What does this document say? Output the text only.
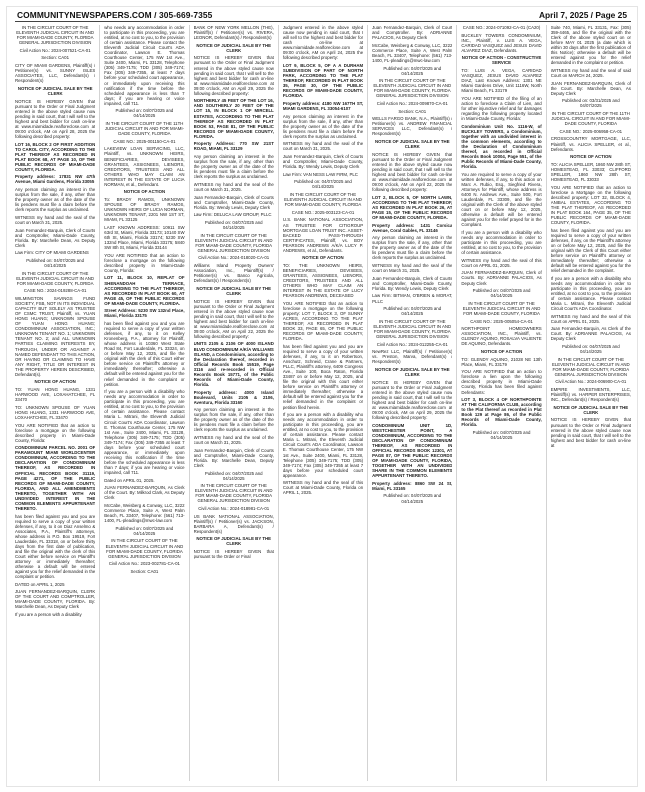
COMMUNITYNEWSPAPERS.COM / 305-669-7355	April 7, 2025 / Page 25

IN THE CIRCUIT COURT OF THE ELEVENTH JUDICIAL CIRCUIT IN AND FOR MIAMI-DADE COUNTY, FLORIDA GENERAL JURISDICTION DIVISION

Civil Action No.: 2024-007521-CA-01

Section: CA01

CITY OF MIAMI GARDENS, Plaintiff(s) / Petitioner(s) vs. SUNNY ISLES ASSOCIATES, LLC, Defendant(s) / Respondent(s)

NOTICE OF JUDICIAL SALE BY THE CLERK

NOTICE IS HEREBY GIVEN that pursuant to the Order or Final Judgment entered in the above styled cause now pending in said court, that I will sell to the highest and best bidder for cash on-line at www.miamidade.realforeclose.com at 09:00 o'clock, AM on April 28, 2025 the following described property:

LOT 16, BLOCK 2 OF FIRST ADDITION TO CAROL CITY, ACCORDING TO THE PLAT THEREOF AS RECORDED IN PLAT BOOK 68, AT PAGE 10, OF THE PUBLIC RECORDS OF MIAMI-DADE COUNTY, FLORIDA.

Property address: 17831 NW 47th Avenue, Miami Gardens, Florida 33055

Any person claiming an interest in the surplus from the sale, if any, other than the property owner as of the date of the lis pendens must file a claim before the clerk reports the surplus as unclaimed.

WITNESS my hand and the seal of the court on March 31, 2025.

Juan Fernandez-Barquin, Clerk of Courts and Comptroller, Miami-Dade County, Florida. By: Marchelle Dean, As Deputy Clerk

Law Firm: CITY OF MIAMI GARDENS

Published on: 04/07/2025 and 04/14/2025

IN THE CIRCUIT COURT OF THE ELEVENTH JUDICIAL CIRCUIT IN AND FOR MIAMI-DADE COUNTY, FLORIDA

CASE NO.: 2024-019288-CA-01

WILMINGTON SAVINGS FUND SOCIETY, FSB, NOT IN ITS INDIVIDUAL CAPACITY BUT SOLELY AS TRUSTEE OF CSMC TRUST, Plaintiff, vs. YUAN HONG HUANG; UNKNOWN SPOUSE OF YUAN HONG HUANG; CONDOMINIUM ASSOCIATION, INC.; UNKNOWN TENANT NO. 1; UNKNOWN TENANT NO. 2; and ALL UNKNOWN PARTIES CLAIMING INTERESTS BY, THROUGH, UNDER OR AGAINST A NAMED DEFENDANT TO THIS ACTION, OR HAVING OR CLAIMING TO HAVE ANY RIGHT, TITLE OR INTEREST IN THE PROPERTY HEREIN DESCRIBED, Defendant(s).

NOTICE OF ACTION

TO: YUAN HONG HUANG, 1331 HARWOOD AVE, LOXAHATCHEE, FL 33470

TO: UNKNOWN SPOUSE OF YUAN HONG HUANG, 1331 HARWOOD AVE, LOXAHATCHEE, FL 33470

YOU ARE NOTIFIED that an action to foreclose a mortgage on the following described property in Miami-Dade County, Florida:

CONDOMINIUM PARCEL NO. 2001 OF PARAMOUNT MIAMI WORLDCENTER CONDOMINIUM, ACCORDING TO THE DECLARATION OF CONDOMINIUM THEREOF, AS RECORDED IN OFFICIAL RECORDS BOOK 31119, PAGE 4271, OF THE PUBLIC RECORDS OF MIAMI-DADE COUNTY, FLORIDA, AND ALL AMENDMENTS THERETO, TOGETHER WITH AN UNDIVIDED INTEREST IN THE COMMON ELEMENTS APPURTENANT THERETO.

has been filed against you and you are required to serve a copy of your written defenses, if any, to it on Diaz Anselmo & Associates, P.A., Plaintiff's attorneys, whose address is P.O. Box 19519, Fort Lauderdale, FL 33318, on or before thirty days from the first date of publication, and file the original with the clerk of this Court either before service on Plaintiff's attorney or immediately thereafter; otherwise a default will be entered against you for the relief demanded in the complaint or petition.

DATED on APRIL 1, 2025

JUAN FERNANDEZ-BARQUIN, CLERK OF THE COURT AND COMPTROLLER, MIAMI-DADE COUNTY, FLORIDA. By: Marchelle Dean, As Deputy Clerk

If you are a person with a disability

who needs any accommodation in order to participate in this proceeding, you are entitled, at no cost to you, to the provision of certain assistance. Please contact the Eleventh Judicial Circuit Court's ADA Coordinator, Lawson E. Thomas Courthouse Center, 175 NW 1st Ave., Suite 2400, Miami, FL 33128, Telephone (305) 349-7175; TDD (305) 349-7174; Fax (305) 349-7355, at least 7 days before your scheduled court appearance, or immediately upon receiving this notification if the time before the scheduled appearance is less than 7 days; if you are hearing or voice impaired, call 711.

Published on: 04/07/2025 and 04/14/2025

IN THE CIRCUIT COURT OF THE 11TH JUDICIAL CIRCUIT IN AND FOR MIAMI-DADE COUNTY, FLORIDA

CASE NO.: 2025-001150-CA-01

LAKEVIEW LOAN SERVICING, LLC, Plaintiff, vs. UNKNOWN HEIRS, BENEFICIARIES, DEVISEES, GRANTEES, ASSIGNEES, LIENORS, CREDITORS, TRUSTEES AND ALL OTHERS WHO MAY CLAIM AN INTEREST IN THE ESTATE OF LUCIA NORMAN, et al., Defendant.

NOTICE OF ACTION

To: BRADY RAMOS, UNKNOWN SPOUSE OF BRADY RAMOS, UNKNOWN HEIRS OF LUCIA NORMAN, UNKNOWN TENANT, 2201 NW 1ST ST, MIAMI, FL 33125

LAST KNOWN ADDRESS: 10911 SW 63rd St, Miami, Florida 33173; 10140 SW 6th St, Miami, Florida 33174; 5230 SW 132nd Place, Miami, Florida 33175; 5840 SW 8th St, Miami, Florida 33144

YOU ARE NOTIFIED that an action to foreclose a mortgage on the following described property in Miami-Dade County, Florida:

LOT 11, BLOCK 10, REPLAT OF SHENANDOAH TERRACE, ACCORDING TO THE PLAT THEREOF, AS RECORDED IN PLAT BOOK 60, AT PAGE 45, OF THE PUBLIC RECORDS OF MIAMI-DADE COUNTY, FLORIDA.

Street Address: 5230 SW 132nd Place, Miami, Florida 33175

has been filed against you and you are required to serve a copy of your written defenses, if any, to it on Kelley Kronenberg, P.A., attorney for Plaintiff, whose address is 10360 West State Road 84, Fort Lauderdale, FL 33324, on or before May 12, 2025, and file the original with the clerk of this Court either before service on Plaintiff's attorney or immediately thereafter; otherwise a default will be entered against you for the relief demanded in the complaint or petition.

If you are a person with a disability who needs any accommodation in order to participate in this proceeding, you are entitled, at no cost to you, to the provision of certain assistance. Please contact Maria L. Mitrani, the Eleventh Judicial Circuit Court's ADA Coordinator, Lawson E. Thomas Courthouse Center, 175 NW 1st Ave., Suite 2400, Miami, FL 33128, Telephone (305) 349-7175; TDD (305) 349-7174; Fax (305) 349-7355 at least 7 days before your scheduled court appearance, or immediately upon receiving this notification if the time before the scheduled appearance is less than 7 days; if you are hearing or voice impaired, call 711.

Dated on APRIL 01, 2025.

JUAN FERNANDEZ-BARQUIN, As Clerk of the Court. By: Milkrod Clark, As Deputy Clerk

McCabe, Weisberg & Conway, LLC, 3222 Commerce Place, Suite A, West Palm Beach, FL 33407, Telephone: (561) 713-1400, FL-pleadings@mwc-law.com

Published on: 04/07/2025 and 04/14/2025

IN THE CIRCUIT COURT OF THE ELEVENTH JUDICIAL CIRCUIT IN AND FOR MIAMI-DADE COUNTY, FLORIDA GENERAL JURISDICTION DIVISION

Civil Action No.: 2023-002781-CA-01

Section: CA01

BANK OF NEW YORK MELLON (THE), Plaintiff(s) / Petitioner(s) vs. RIVERA, LEONOR, Defendant(s) / Respondent(s)

NOTICE OF JUDICIAL SALE BY THE CLERK

NOTICE IS HEREBY GIVEN that pursuant to the Order or Final Judgment entered in the above styled cause now pending in said court, that I will sell to the highest and best bidder for cash on-line at www.miamidade.realforeclose.com at 09:00 o'clock, AM on April 29, 2025 the following described property:

NORTHERLY 45 FEET OF THE LOT 16, AND SOUTHERLY 20 FEET OF THE LOT 15, IN BLOCK 1 OF MIRCELL ESTATES, ACCORDING TO THE PLAT THEREOF AS RECORDED IN PLAT BOOK 53, PAGE 81, OF THE PUBLIC RECORDS OF MIAMI-DADE COUNTY, FLORIDA.

Property Address: 770 SW 21ST ROAD, MIAMI, FL 33129

Any person claiming an interest in the surplus from the sale, if any, other than the property owner as of the date of the lis pendens must file a claim before the clerk reports the surplus as unclaimed.

WITNESS my hand and the seal of the court on March 31, 2025.

Juan Fernandez-Barquin, Clerk of Courts and Comptroller, Miami-Dade County, Florida. By: Wendy Lewis, Deputy Clerk

Law Firm: DELUCA LAW GROUP, PLLC

Published on: 04/07/2025 and 04/14/2025

IN THE CIRCUIT COURT OF THE ELEVENTH JUDICIAL CIRCUIT IN AND FOR MIAMI-DADE COUNTY, FLORIDA GENERAL JURISDICTION DIVISION

Civil Action No.: 2024-018020-CA-01

Williams Island Property Owners' Association, Inc., Plaintiff(s) / Petitioner(s) vs. Banco Agricola, Defendant(s) / Respondent(s)

NOTICE OF JUDICIAL SALE BY THE CLERK

NOTICE IS HEREBY GIVEN that pursuant to the Order or Final Judgment entered in the above styled cause now pending in said court, that I will sell to the highest and best bidder for cash on-line at www.miamidade.realforeclose.com at 09:00 o'clock, AM on April 22, 2025 the following described property:

UNITS 2105 & 2106 OF 4000 ISLAND BLVD CONDOMINIUM A/K/A WILLIAMS ISLAND, a Condominium, according to the Declaration thereof, recorded in Official Records Book 15519, Page 3116 and re-recorded in Official Records Book 15771, of the Public Records of Miami-Dade County, Florida.

Property address: 4000 Island Boulevard, Units 2105 & 2106, Aventura, Florida 33160

Any person claiming an interest in the surplus from the sale, if any, other than the property owner as of the date of the lis pendens must file a claim before the clerk reports the surplus as unclaimed.

WITNESS my hand and the seal of the court on March 31, 2025.

Juan Fernandez-Barquin, Clerk of Courts and Comptroller, Miami-Dade County, Florida. By: Marchelle Dean, Deputy Clerk

Published on: 04/07/2025 and 04/14/2025

IN THE CIRCUIT COURT OF THE ELEVENTH JUDICIAL CIRCUIT IN AND FOR MIAMI-DADE COUNTY, FLORIDA GENERAL JURISDICTION DIVISION

Civil Action No.: 2024-018981-CA-01

US BANK NATIONAL ASSOCIATION, Plaintiff(s) / Petitioner(s) vs. JACKSON, BARBARA A, Defendant(s) / Respondent(s)

NOTICE OF JUDICIAL SALE BY THE CLERK

NOTICE IS HEREBY GIVEN that pursuant to the Order or Final

Judgment entered in the above styled cause now pending in said court, that I will sell to the highest and best bidder for cash on-line at www.miamidade.realforeclose.com at 09:00 o'clock, AM on April 24, 2025 the following described property:

LOT 9, BLOCK 5, OF A A DURHAM SUBDIVISION OF PART OF NORTH PARK, ACCORDING TO THE PLAT THEREOF, RECORDED IN PLAT BOOK 35, PAGE 30, OF THE PUBLIC RECORDS OF MIAMI-DADE COUNTY, FLORIDA.

Property address: 4180 NW 167TH ST, MIAMI GARDENS, FL 33054-6107

Any person claiming an interest in the surplus from the sale, if any, other than the property owner as of the date of the lis pendens must file a claim before the clerk reports the surplus as unclaimed.

WITNESS my hand and the seal of the court on March 31, 2025.

Juan Fernandez-Barquin, Clerk of Courts and Comptroller, Miami-Dade County, Florida. By: Wendy Lewis, Deputy Clerk

Law Firm: VAN NESS LAW FIRM, PLC

Published on: 04/07/2025 and 04/14/2025

IN THE CIRCUIT COURT OF THE ELEVENTH JUDICIAL CIRCUIT IN AND FOR MIAMI-DADE COUNTY, FLORIDA

CASE NO.: 2025-003123-CA-01

U.S. BANK NATIONAL ASSOCIATION, AS TRUSTEE FOR CITIGROUP MORTGAGE LOAN TRUST INC. ASSET-BACKED PASS-THROUGH CERTIFICATES, Plaintiff, vs. BOY PEARSON ANDREWS A/K/A LUCY P. ANDREWS, et al., Defendants.

NOTICE OF ACTION

TO: THE UNKNOWN HEIRS, BENEFICIARIES, DEVISEES, GRANTEES, ASSIGNEES, LIENORS, CREDITORS, TRUSTEES AND ALL OTHERS WHO MAY CLAIM AN INTEREST IN THE ESTATE OF LUCY PEARSON ANDREWS, DECEASED

YOU ARE NOTIFIED that an action to foreclose a mortgage on the following property: LOT 7, BLOCK 3, OF SUNNY ACRES, ACCORDING TO THE PLAT THEREOF, AS RECORDED IN PLAT BOOK 33, PAGE 65, OF THE PUBLIC RECORDS OF MIAMI-DADE COUNTY, FLORIDA.

has been filed against you and you are required to serve a copy of your written defenses, if any, to it on Robertson, Anschutz, Schneid, Crane & Partners, PLLC, Plaintiff's attorney, 6409 Congress Ave., Suite 100, Boca Raton, Florida 33487 on or before May 12, 2025, and file the original with this court either before service on Plaintiff's attorney or immediately thereafter; otherwise a default will be entered against you for the relief demanded in the complaint or petition filed herein.

If you are a person with a disability who needs any accommodation in order to participate in this proceeding, you are entitled, at no cost to you, to the provision of certain assistance. Please contact Maria L. Mitrani, the Eleventh Judicial Circuit Court's ADA Coordinator, Lawson E. Thomas Courthouse Center, 175 NW 1st Ave., Suite 2400, Miami, FL 33128, Telephone (305) 349-7175; TDD (305) 349-7174; Fax (305) 349-7355 at least 7 days before your scheduled court appearance.

WITNESS my hand and the seal of this Court at Miami-Dade County, Florida on APRIL 1, 2025.

Juan Fernandez-Barquin, Clerk of Court and Comptroller. By: ADRIANNE PALACIOS, As Deputy Clerk

McCabe, Weisberg & Conway, LLC, 3222 Commerce Place, Suite A, West Palm Beach, FL 33407, Telephone: (561) 713-1400, FL-pleadings@mwc-law.com

Published on: 04/07/2025 and 04/14/2025

IN THE CIRCUIT COURT OF THE ELEVENTH JUDICIAL CIRCUIT IN AND FOR MIAMI-DADE COUNTY, FLORIDA GENERAL JURISDICTION DIVISION

Civil Action No.: 2024-009870-CA-01

Section: CA01

WELLS FARGO BANK, N.A., Plaintiff(s) / Petitioner(s) vs. ANDREW FINANCIAL SERVICES LLC, Defendant(s) / Respondent(s)

NOTICE OF JUDICIAL SALE BY THE CLERK

NOTICE IS HEREBY GIVEN that pursuant to the Order or Final Judgment entered in the above styled cause now pending in said court, that I will sell to the highest and best bidder for cash on-line at www.miamidade.realforeclose.com at 09:00 o'clock, AM on April 22, 2025 the following described property:

LOT 2, BLOCK 5, OF NORTH LAWN, ACCORDING TO THE PLAT THEREOF, AS RECORDED IN PLAT BOOK 26, AT PAGE 15, OF THE PUBLIC RECORDS OF MIAMI-DADE COUNTY, FLORIDA.

Property address: 1431 Corsica Avenue, Coral Gables, FL 33146

Any person claiming an interest in the surplus from the sale, if any, other than the property owner as of the date of the lis pendens must file a claim before the clerk reports the surplus as unclaimed.

WITNESS my hand and the seal of the court on March 31, 2025.

Juan Fernandez-Barquin, Clerk of Courts and Comptroller, Miami-Dade County, Florida. By: Wendy Lewis, Deputy Clerk

Law Firm: BITMAN, O'BRIEN & MORAT, PLLC

Published on: 04/07/2025 and 04/14/2025

IN THE CIRCUIT COURT OF THE ELEVENTH JUDICIAL CIRCUIT IN AND FOR MIAMI-DADE COUNTY, FLORIDA GENERAL JURISDICTION DIVISION

Civil Action No.: 2024-012255-CA-01

NewRez LLC, Plaintiff(s) / Petitioner(s) vs. Preston, Marva, Defendant(s) / Respondent(s)

NOTICE OF JUDICIAL SALE BY THE CLERK

NOTICE IS HEREBY GIVEN that pursuant to the Order or Final Judgment entered in the above styled cause now pending in said court, that I will sell to the highest and best bidder for cash on-line at www.miamidade.realforeclose.com at 09:00 o'clock, AM on April 29, 2025 the following described property:

CONDOMINIUM UNIT 1D, WESTCHESTER POINT, A CONDOMINIUM, ACCORDING TO THE DECLARATION OF CONDOMINIUM THEREOF, AS RECORDED IN OFFICIAL RECORDS BOOK 12301, AT PAGE 87, OF THE PUBLIC RECORDS OF MIAMI-DADE COUNTY, FLORIDA, TOGETHER WITH AN UNDIVIDED SHARE IN THE COMMON ELEMENTS APPURTENANT THERETO.

Property address: 8860 SW 24 St, Miami, FL 33165

Published on: 04/07/2025 and 04/14/2025

CASE NO.: 2024-071092-CA-01 (CA20)

BUCKLEY TOWERS CONDOMINIUM, INC., Plaintiff, v. LUIS A. VEGA, CARIDAD VASQUEZ and JESUS DAVID ALVAREZ DIAZ, Defendants.

NOTICE OF ACTION - CONSTRUCTIVE SERVICE

TO: LUIS A. VEGA, CARIDAD VASQUEZ, JESUS DAVID ALVAREZ DIAZ, Last Known Address: 1301 NE Miami Gardens Drive, Unit 1116W, North Miami Beach, FL 33179

YOU ARE NOTIFIED of the filing of an action to foreclose a Claim of Lien, and for other injunctive relief and for damages regarding the following property located in Miami-Dade County, Florida:

Condominium Unit No. 1116-W, of BUCKLEY TOWERS, a Condominium, together with an undivided interest in the common elements, according to the Declaration of Condominium thereof, as recorded in Official Records Book 10004, Page 551, of the Public Records of Miami-Dade County, Florida.

You are required to serve a copy of your written defenses, if any, to this action on Marc A. Rubio, Esq., Siegfried Rivera, Attorneys for Plaintiff, whose address is 6400 N. Andrews Ave., Suite 500, Fort Lauderdale, FL 33309, and file the original with the Clerk of the above styled court on or before May 12, 2025, otherwise a default will be entered against you for the relief prayed for in the Complaint.

If you are a person with a disability who needs any accommodation in order to participate in this proceeding, you are entitled, at no cost to you, to the provision of certain assistance.

WITNESS my hand and the seal of this Court on APRIL 01, 2025.

JUAN FERNANDEZ-BARQUIN, Clerk of Courts. By: ADRIANNE PALACIOS, As Deputy Clerk

Published on: 04/07/2025 and 04/14/2025

IN THE CIRCUIT COURT OF THE ELEVENTH JUDICIAL CIRCUIT IN AND FOR MIAMI-DADE COUNTY, FLORIDA

CASE NO.: 2025-005054-CA-01

NORTHPOINT HOMEOWNERS ASSOCIATION, INC., Plaintiff, vs. GLENDY AQUINO, ROSALVA VALIENTE DE AQUINO, Defendants.

NOTICE OF ACTION

TO: GLENDY AQUINO, 21028 NE 13th Place, Miami, FL 33179

YOU ARE NOTIFIED that an action to foreclose a lien upon the following described property in Miami-Dade County, Florida has been filed against Defendants:

LOT 3, BLOCK 4 OF NORTHPOINTE AT THE CALIFORNIA CLUB, according to the Plat thereof as recorded in Plat Book 129 at Page 86, of the Public Records of Miami-Dade County, Florida.

Published on: 04/07/2025 and 04/14/2025

Suite 740, Miami, FL 33131, Fax: (305) 359-4465, and file the original with the Clerk of the above styled court on or before MAY 01 2025 (a date which is within 30 days after the first publication of this Notice); otherwise a default will be entered against you for the relief demanded in the complaint or petition.

WITNESS my hand and the seal of said Court on MARCH 24, 2025.

JUAN FERNANDEZ-BARQUIN, Clerk of the Court. By: Marchelle Dean, As Deputy Clerk

Published on: 03/31/2025 and 04/07/2025

IN THE CIRCUIT COURT OF THE 11TH JUDICIAL CIRCUIT IN AND FOR MIAMI-DADE COUNTY, FLORIDA

CASE NO.: 2025-006958-CA-01

CROSSCOUNTRY MORTGAGE, LLC, Plaintiff, vs. ALICIA SPELLER, et al., Defendants.

NOTICE OF ACTION

TO: ALICIA SPELLER, 1860 NW 28th ST, HOMESTEAD, FL 33033; CLIFFORD SPELLER, 1860 NW 28th ST, HOMESTEAD, FL 33033

YOU ARE NOTIFIED that an action to foreclose a Mortgage on the following described property: LOT 32, BLOCK 4, ANIBAL ESTATES, ACCORDING TO THE PLAT THEREOF, AS RECORDED IN PLAT BOOK 164, PAGE 35, OF THE PUBLIC RECORDS OF MIAMI-DADE COUNTY, FLORIDA.

has been filed against you and you are required to serve a copy of your written defenses, if any, on the Plaintiff's attorney on or before May 12, 2025, and file the original with the Clerk of this Court either before service on Plaintiff's attorney or immediately thereafter; otherwise a default will be entered against you for the relief demanded in the complaint.

If you are a person with a disability who needs any accommodation in order to participate in this proceeding, you are entitled, at no cost to you, to the provision of certain assistance. Please contact Maria L. Mitrani, the Eleventh Judicial Circuit Court's ADA Coordinator.

WITNESS my hand and the seal of this Court on APRIL 01, 2025.

Juan Fernandez-Barquin, As Clerk of the Court. By: ADRIANNE PALACIOS, As Deputy Clerk

Published on: 04/07/2025 and 04/14/2025

IN THE CIRCUIT COURT OF THE ELEVENTH JUDICIAL CIRCUIT IN AND FOR MIAMI-DADE COUNTY, FLORIDA GENERAL JURISDICTION DIVISION

Civil Action No.: 2024-006900-CA-01

EMPIRE INVESTMENTS, LLC, Plaintiff(s) vs. HARPER ENTERPRISES, INC., Defendant(s) / Respondent(s)

NOTICE OF JUDICIAL SALE BY THE CLERK

NOTICE IS HEREBY GIVEN that pursuant to the Order or Final Judgment entered in the above styled cause now pending in said court, that I will sell to the highest and best bidder for cash on-line at
